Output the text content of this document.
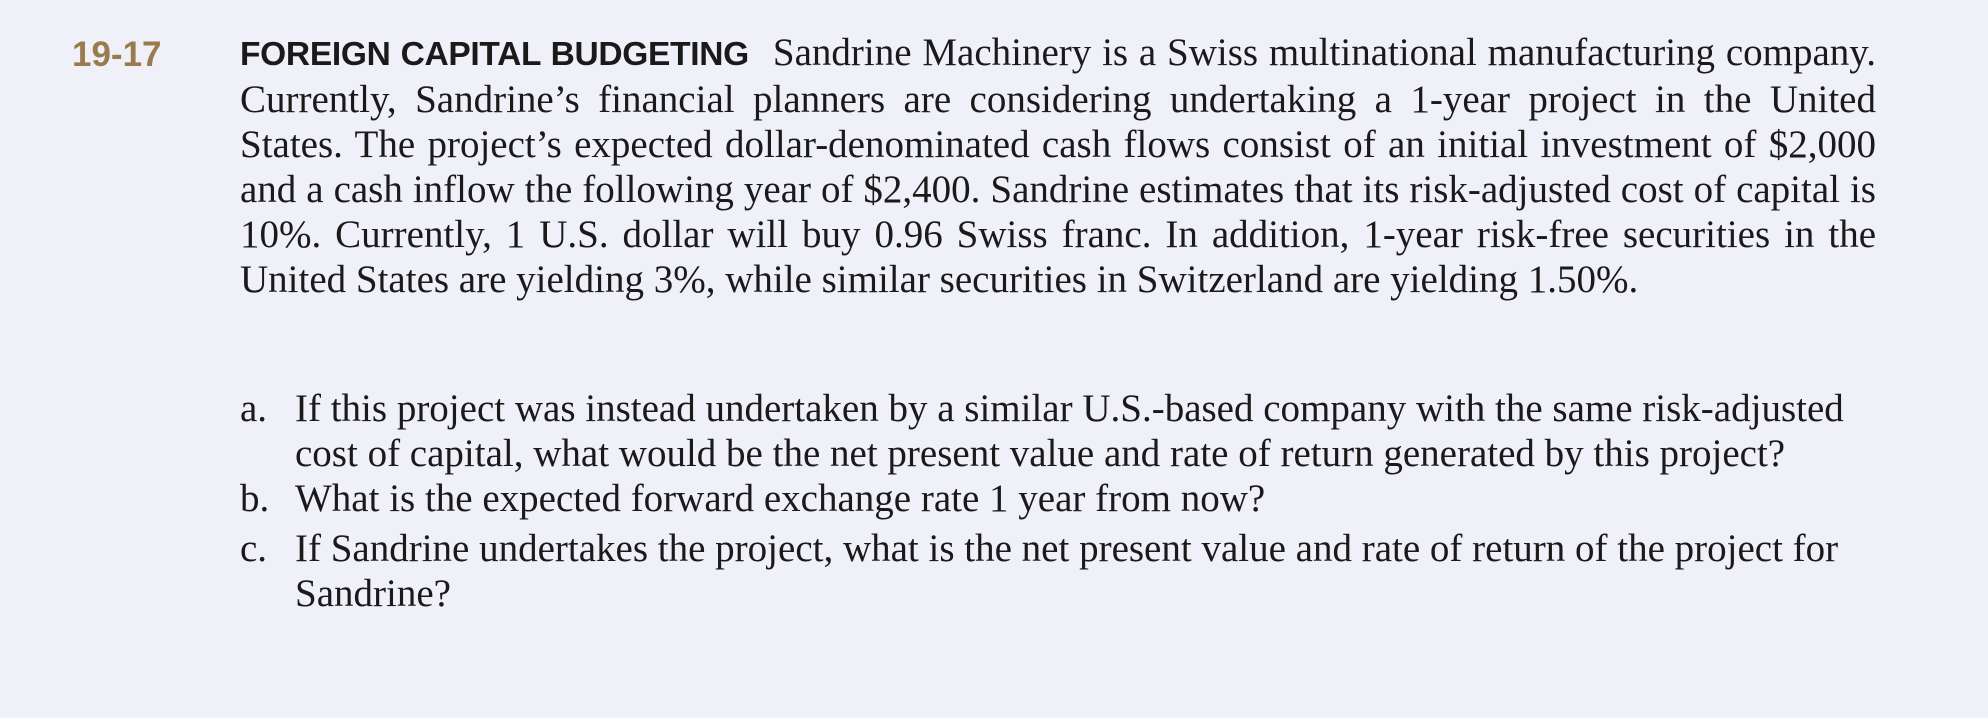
19-17 FOREIGN CAPITAL BUDGETING Sandrine Machinery is a Swiss multinational manufacturing company. Currently, Sandrine’s financial planners are considering undertaking a 1-year project in the United States. The project’s expected dollar-denominated cash flows consist of an initial investment of $2,000 and a cash inflow the following year of $2,400. Sandrine estimates that its risk-adjusted cost of capital is 10%. Currently, 1 U.S. dollar will buy 0.96 Swiss franc. In addition, 1-year risk-free securities in the United States are yielding 3%, while similar securities in Switzerland are yielding 1.50%.

a. If this project was instead undertaken by a similar U.S.-based company with the same risk-adjusted cost of capital, what would be the net present value and rate of return generated by this project?
b. What is the expected forward exchange rate 1 year from now?
c. If Sandrine undertakes the project, what is the net present value and rate of return of the project for Sandrine?
